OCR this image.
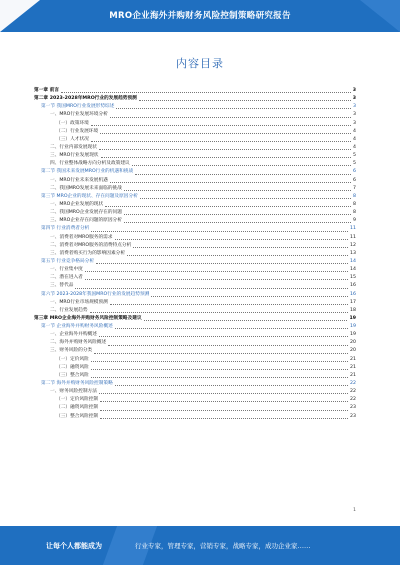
MRO企业海外并购财务风险控制策略研究报告
内容目录
第一章 前言	3
第二章 2023-2028年MRO行业的发展趋势预测	3
第一节 我国MRO行业发展形势综述	3
一、MRO行业发展环境分析	3
（一）政策环境	3
（二）行业发展环境	4
（三）人才状况	4
二、行业内部发展现状	4
三、MRO行业发展现状	5
四、行业整体战略方向分析及政策建议	5
第二节 我国未来发展MRO行业的机遇和挑战	6
一、MRO行业未来发展机遇	6
二、我国MRO发展未来面临的挑战	7
第三节 MRO企业的现状、存在问题及原因分析	8
一、MRO企业发展的现状	8
二、我国MRO企业发展存在的问题	8
三、MRO企业存在问题的原因分析	9
第四节 行业消费者分析	11
一、消费者对MRO服务的需求	11
二、消费者对MRO服务的消费特点分析	12
三、消费者购买行为的影响因素分析	13
第五节 行业竞争格局分析	14
一、行业集中度	14
二、潜在进入者	15
三、替代品	16
第六节 2023-2028年我国MRO行业的发展趋势预测	16
一、MRO行业市场规模预测	17
二、行业发展趋势	18
第三章 MRO企业海外并购财务风险控制策略及建议	19
第一节 企业海外并购财务风险概述	19
一、企业海外并购概述	19
二、海外并购财务风险概述	20
三、财务风险的分类	20
（一）定价风险	21
（二）融资风险	21
（三）整合风险	21
第二节 海外并购财务风险控制策略	22
一、财务风险控制方法	22
（一）定价风险控制	22
（二）融资风险控制	23
（三）整合风险控制	23
1
让每个人都能成为	行业专家，管理专家，营销专家，战略专家，成功企业家……
